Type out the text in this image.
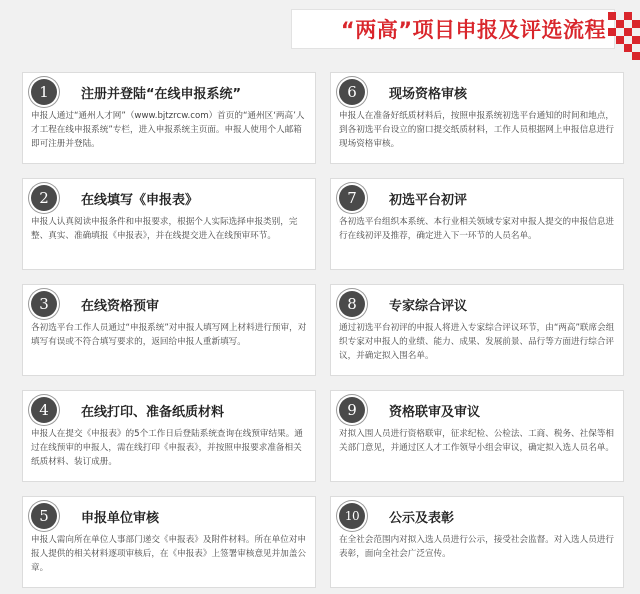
“两高”项目申报及评选流程
1	注册并登陆“在线申报系统”
申报人通过“通州人才网”（www.bjtzrcw.com）首页的“通州区‘两高’人才工程在线申报系统”专栏，进入申报系统主页面。申报人使用个人邮箱即可注册并登陆。
6	现场资格审核
申报人在准备好纸质材料后，按照申报系统初选平台通知的时间和地点，到各初选平台设立的窗口提交纸质材料，工作人员根据网上申报信息进行现场资格审核。
2	在线填写《申报表》
申报人认真阅读申报条件和申报要求，根据个人实际选择申报类别，完整、真实、准确填报《申报表》，并在线提交进入在线预审环节。
7	初选平台初评
各初选平台组织本系统、本行业相关领域专家对申报人提交的申报信息进行在线初评及推荐，确定进入下一环节的人员名单。
3	在线资格预审
各初选平台工作人员通过“申报系统”对申报人填写网上材料进行预审，对填写有误或不符合填写要求的，返回给申报人重新填写。
8	专家综合评议
通过初选平台初评的申报人将进入专家综合评议环节，由“两高”联席会组织专家对申报人的业绩、能力、成果、发展前景、品行等方面进行综合评议，并确定拟入围名单。
4	在线打印、准备纸质材料
申报人在提交《申报表》的5个工作日后登陆系统查询在线预审结果。通过在线预审的申报人，需在线打印《申报表》，并按照申报要求准备相关纸质材料、装订成册。
9	资格联审及审议
对拟入围人员进行资格联审，征求纪检、公检法、工商、税务、社保等相关部门意见，并通过区人才工作领导小组会审议，确定拟入选人员名单。
5	申报单位审核
申报人需向所在单位人事部门递交《申报表》及附件材料。所在单位对申报人提供的相关材料逐项审核后，在《申报表》上签署审核意见并加盖公章。
10	公示及表彰
在全社会范围内对拟入选人员进行公示，接受社会监督。对入选人员进行表彰，面向全社会广泛宣传。
